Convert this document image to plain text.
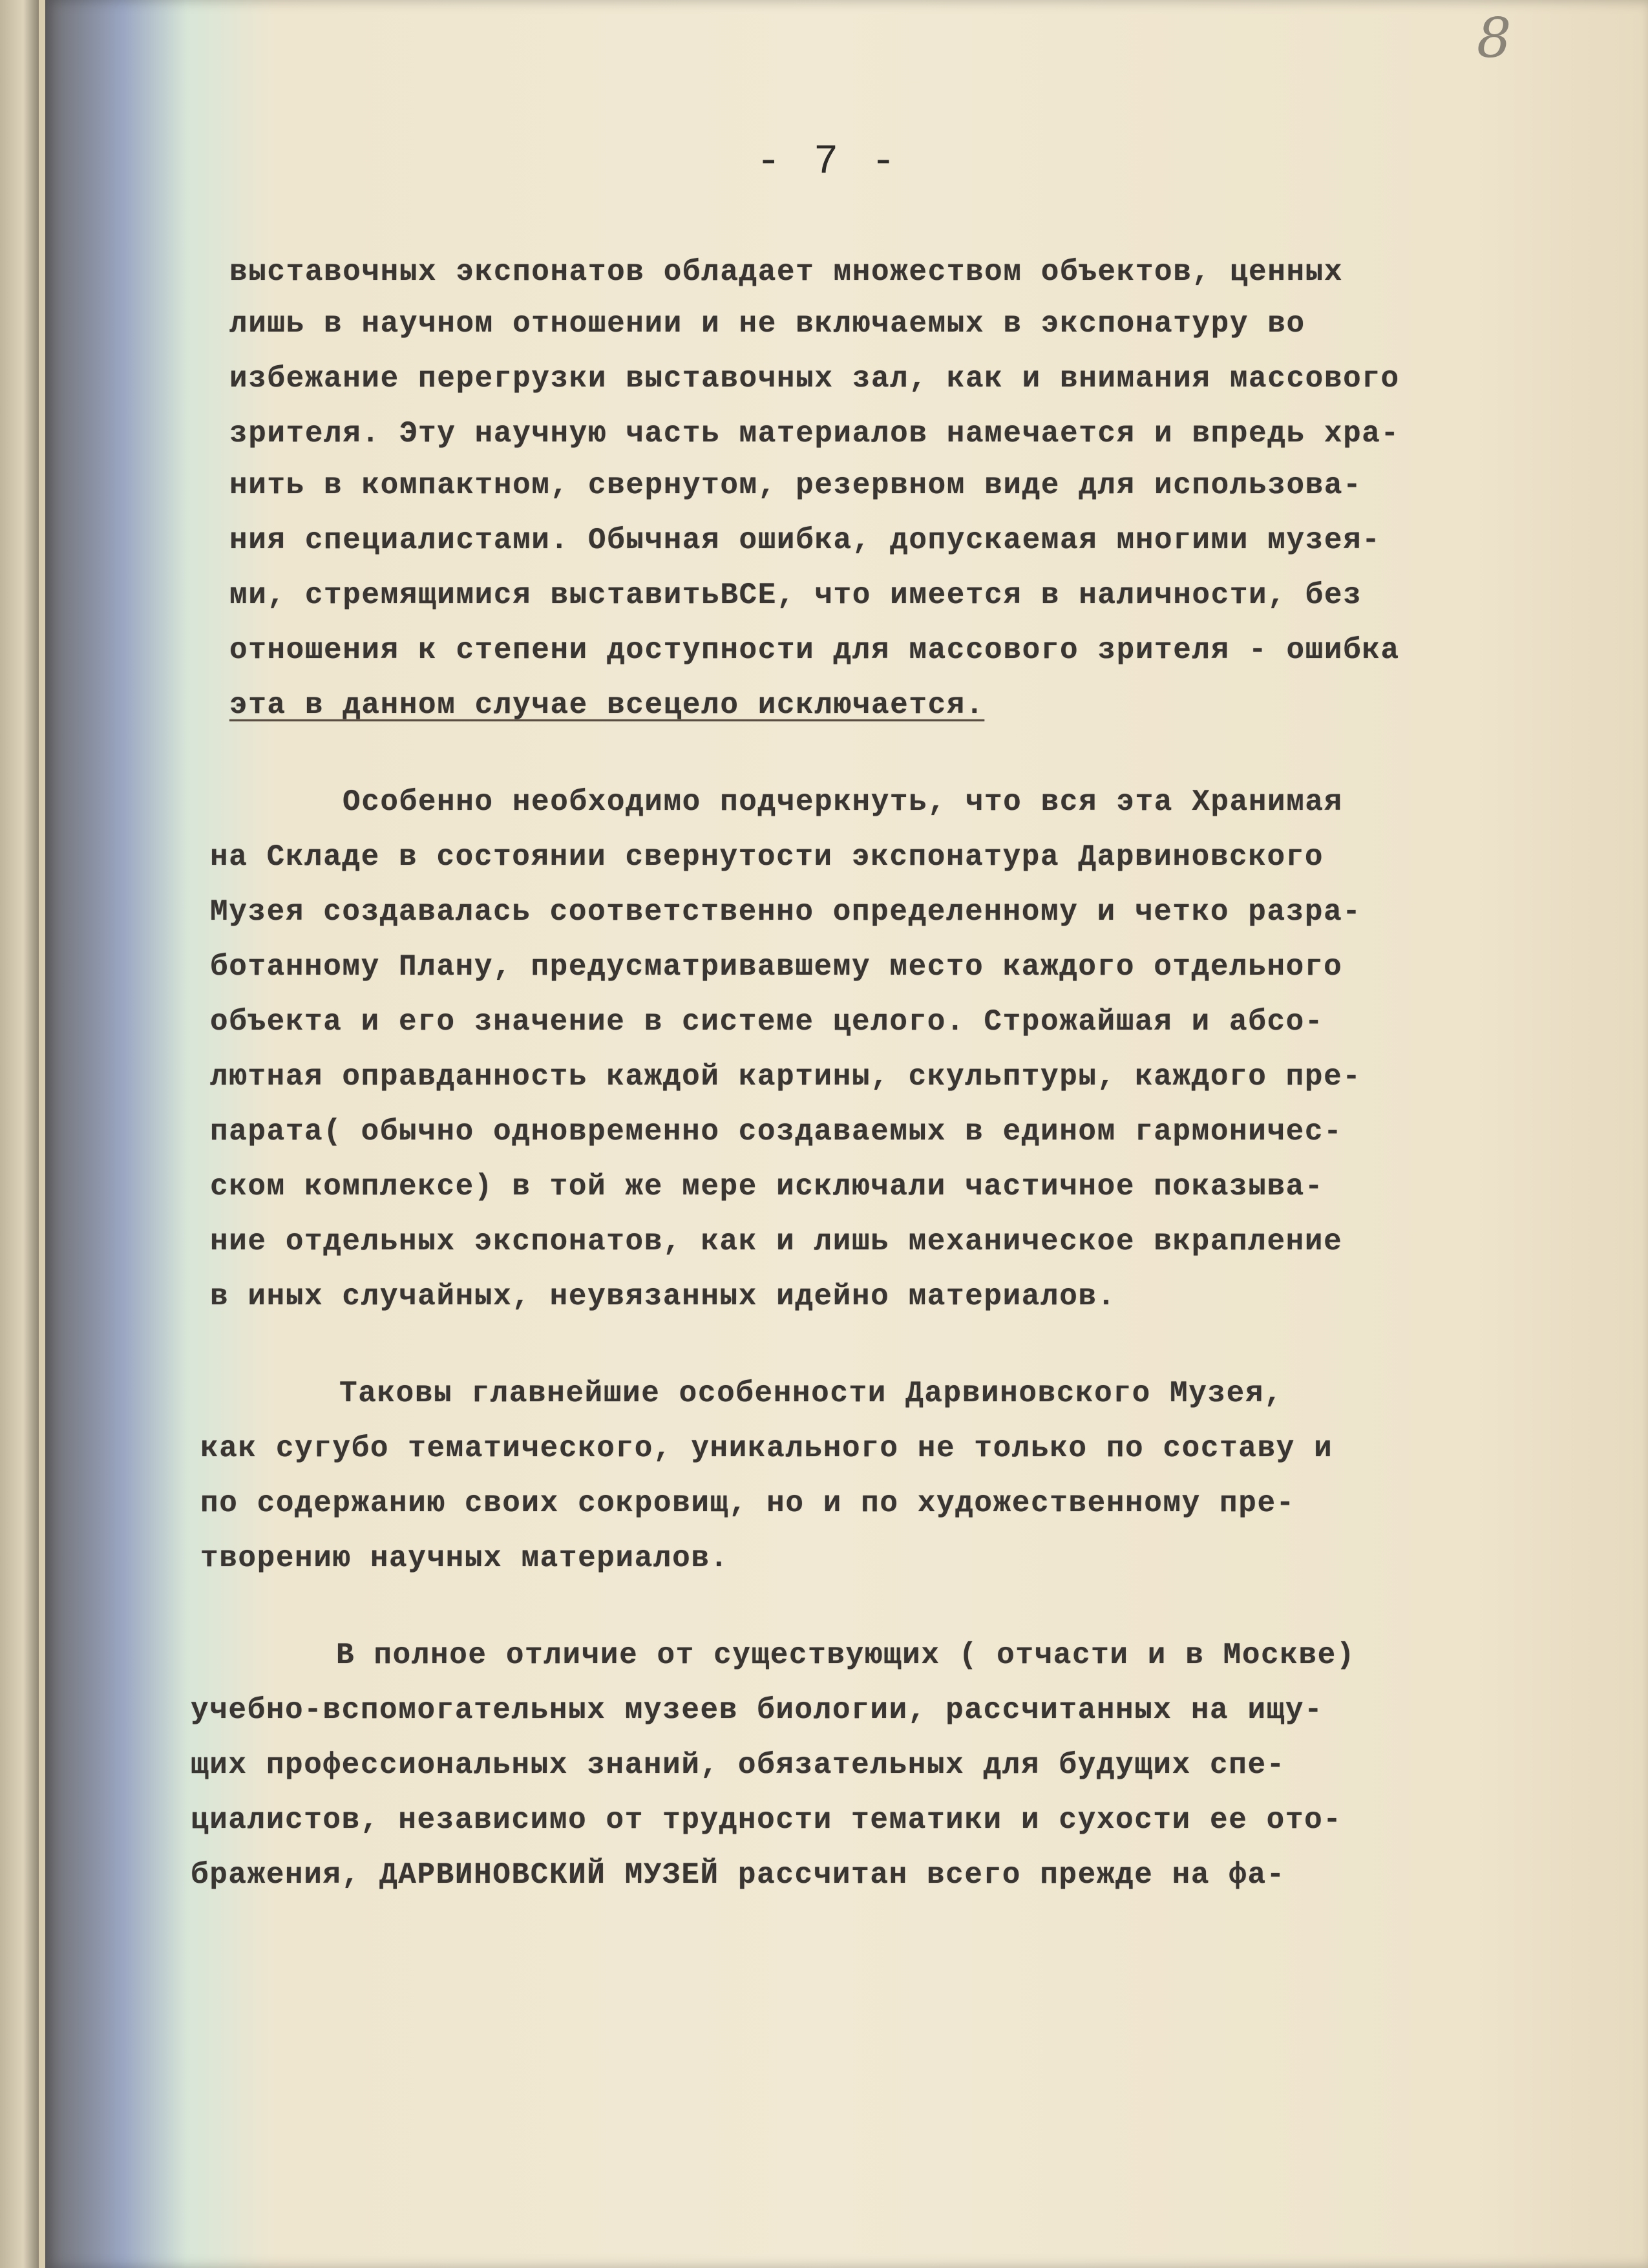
8
- 7 -
выставочных экспонатов обладает множеством объектов, ценных
лишь в научном отношении и не включаемых в экспонатуру во
избежание перегрузки выставочных зал, как и внимания массового
зрителя. Эту научную часть материалов намечается и впредь хра-
нить в компактном, свернутом, резервном виде для использова-
ния специалистами. Обычная ошибка, допускаемая многими музея-
ми, стремящимися выставитьВСЕ, что имеется в наличности, без
отношения к степени доступности для массового зрителя - ошибка
эта в данном случае всецело исключается.
Особенно необходимо подчеркнуть, что вся эта Хранимая
на Складе в состоянии свернутости экспонатура Дарвиновского
Музея создавалась соответственно определенному и четко разра-
ботанному Плану, предусматривавшему место каждого отдельного
объекта и его значение в системе целого. Строжайшая и абсо-
лютная оправданность каждой картины, скульптуры, каждого пре-
парата( обычно одновременно создаваемых в едином гармоничес-
ском комплексе) в той же мере исключали частичное показыва-
ние отдельных экспонатов, как и лишь механическое вкрапление
в иных случайных, неувязанных идейно материалов.
Таковы главнейшие особенности Дарвиновского Музея,
как сугубо тематического, уникального не только по составу и
по содержанию своих сокровищ, но и по художественному пре-
творению научных материалов.
В полное отличие от существующих ( отчасти и в Москве)
учебно-вспомогательных музеев биологии, рассчитанных на ищу-
щих профессиональных знаний, обязательных для будущих спе-
циалистов, независимо от трудности тематики и сухости ее ото-
бражения, ДАРВИНОВСКИЙ МУЗЕЙ рассчитан всего прежде на фа-
